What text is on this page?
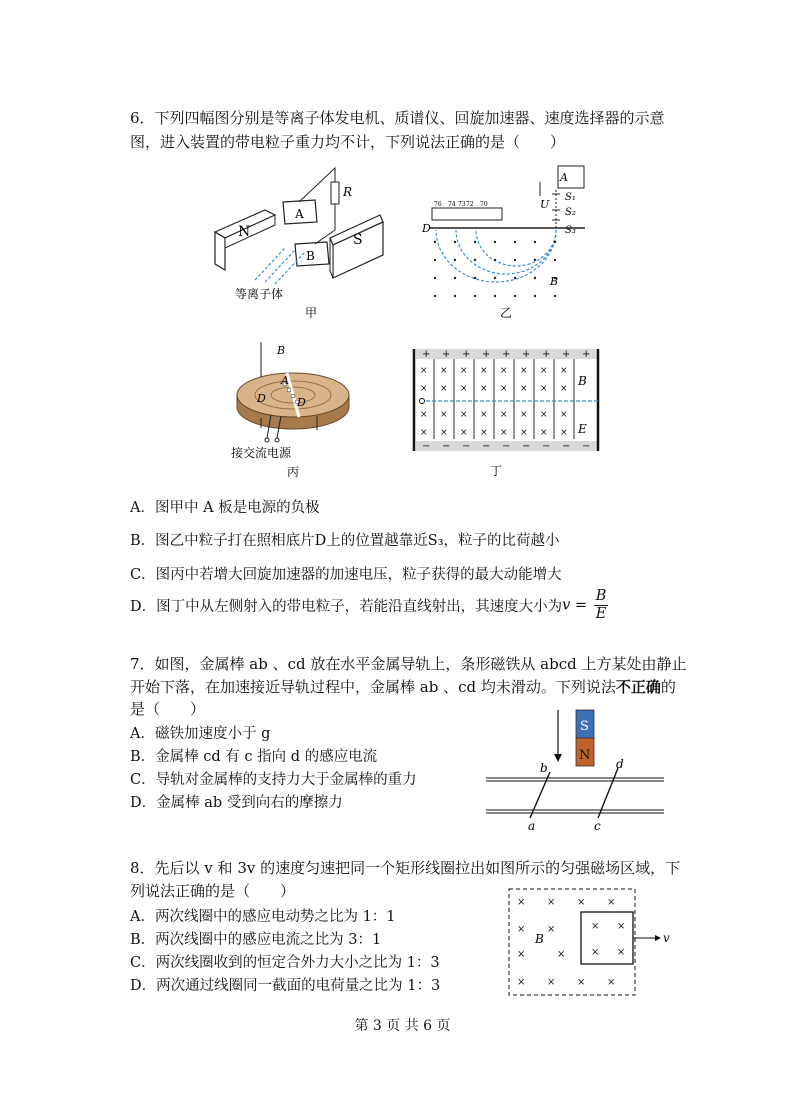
6．下列四幅图分别是等离子体发电机、质谱仪、回旋加速器、速度选择器的示意
图，进入装置的带电粒子重力均不计，下列说法正确的是（　　）
N	S
A
B
R
等离子体
甲
A
U
S₁
S₂
S₃
76 74 73 72 70
D
B
乙
B
A
D	D
接交流电源
丙
+ + + + + + + + +
− − − − − − − − −
× × × × × × × ×
× × × × × × × ×
× × × × × × × ×
× × × × × × × ×
B
E
丁
A．图甲中 A 板是电源的负极
B．图乙中粒子打在照相底片D上的位置越靠近S₃，粒子的比荷越小
C．图丙中若增大回旋加速器的加速电压，粒子获得的最大动能增大
D．图丁中从左侧射入的带电粒子，若能沿直线射出，其速度大小为$v = \frac{B}{E}$
7．如图，金属棒 ab 、cd 放在水平金属导轨上，条形磁铁从 abcd 上方某处由静止
开始下落，在加速接近导轨过程中，金属棒 ab 、cd 均未滑动。下列说法不正确的
是（　　）
A．磁铁加速度小于 g
B．金属棒 cd 有 c 指向 d 的感应电流
C．导轨对金属棒的支持力大于金属棒的重力
D．金属棒 ab 受到向右的摩擦力
S
N
b	d
a	c
8．先后以 v 和 3v 的速度匀速把同一个矩形线圈拉出如图所示的匀强磁场区域，下
列说法正确的是（　　）
A．两次线圈中的感应电动势之比为 1：1
B．两次线圈中的感应电流之比为 3：1
C．两次线圈收到的恒定合外力大小之比为 1：3
D．两次通过线圈同一截面的电荷量之比为 1：3
× × × ×
× ×
×	×
× × × ×
× ×
× ×
B	v
第 3 页 共 6 页
